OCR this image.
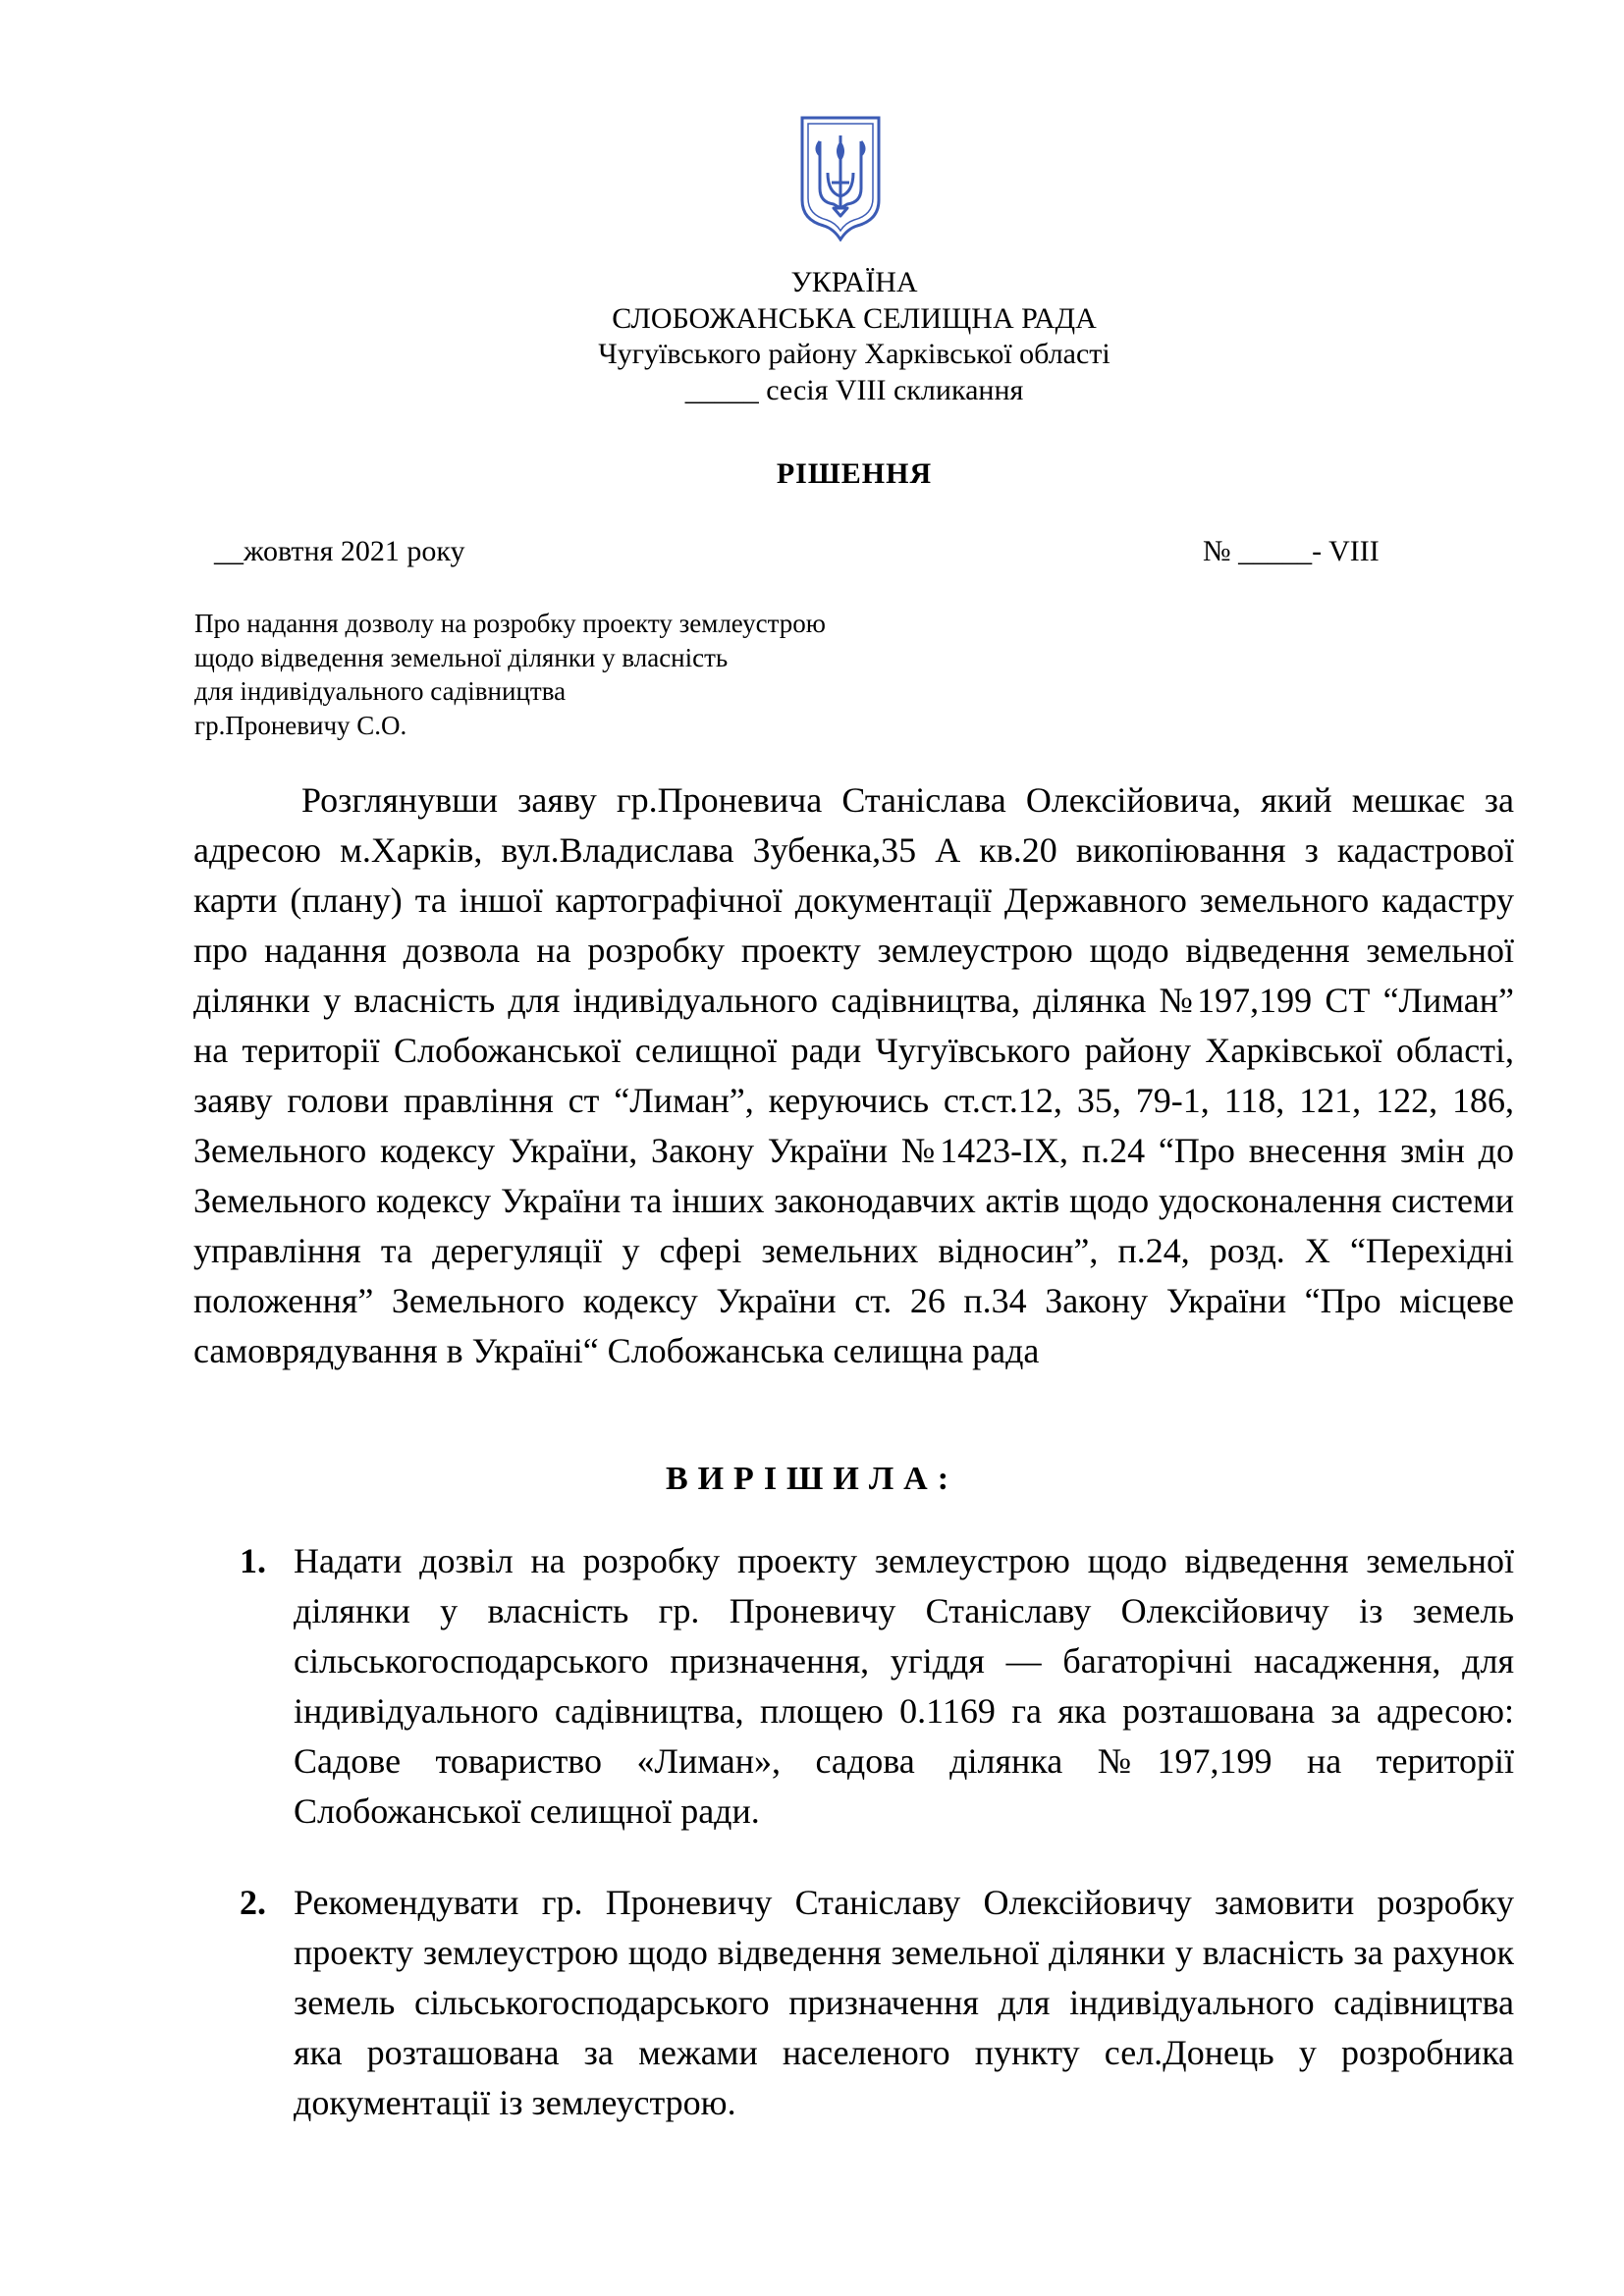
УКРАЇНА
СЛОБОЖАНСЬКА СЕЛИЩНА РАДА
Чугуївського району Харківської області
_____ сесія VIII скликання
РІШЕННЯ
__жовтня 2021 року	№ _____- VIII
Про надання дозволу на розробку проекту землеустрою
щодо відведення земельної ділянки у власність
для індивідуального садівництва
гр.Проневичу С.О.

Розглянувши заяву гр.Проневича Станіслава Олексійовича, який мешкає за адресою м.Харків, вул.Владислава Зубенка,35 А кв.20 викопіювання з кадастрової карти (плану) та іншої картографічної документації Державного земельного кадастру про надання дозвола на розробку проекту землеустрою щодо відведення земельної ділянки у власність для індивідуального садівництва, ділянка №197,199 СТ “Лиман” на території Слобожанської селищної ради Чугуївського району Харківської області, заяву голови правління ст “Лиман”, керуючись ст.ст.12, 35, 79-1, 118, 121, 122, 186, Земельного кодексу України, Закону України №1423-ІХ, п.24 “Про внесення змін до Земельного кодексу України та інших законодавчих актів щодо удосконалення системи управління та дерегуляції у сфері земельних відносин”, п.24, розд. Х “Перехідні положення” Земельного кодексу України ст. 26 п.34 Закону України “Про місцеве самоврядування в Україні“ Слобожанська селищна рада

ВИРІШИЛА:
1. Надати дозвіл на розробку проекту землеустрою щодо відведення земельної ділянки у власність гр. Проневичу Станіславу Олексійовичу із земель сільськогосподарського призначення, угіддя — багаторічні насадження, для індивідуального садівництва, площею 0.1169 га яка розташована за адресою: Садове товариство «Лиман», садова ділянка №197,199 на території Слобожанської селищної ради.
2. Рекомендувати гр. Проневичу Станіславу Олексійовичу замовити розробку проекту землеустрою щодо відведення земельної ділянки у власність за рахунок земель сільськогосподарського призначення для індивідуального садівництва яка розташована за межами населеного пункту сел.Донець у розробника документації із землеустрою.
